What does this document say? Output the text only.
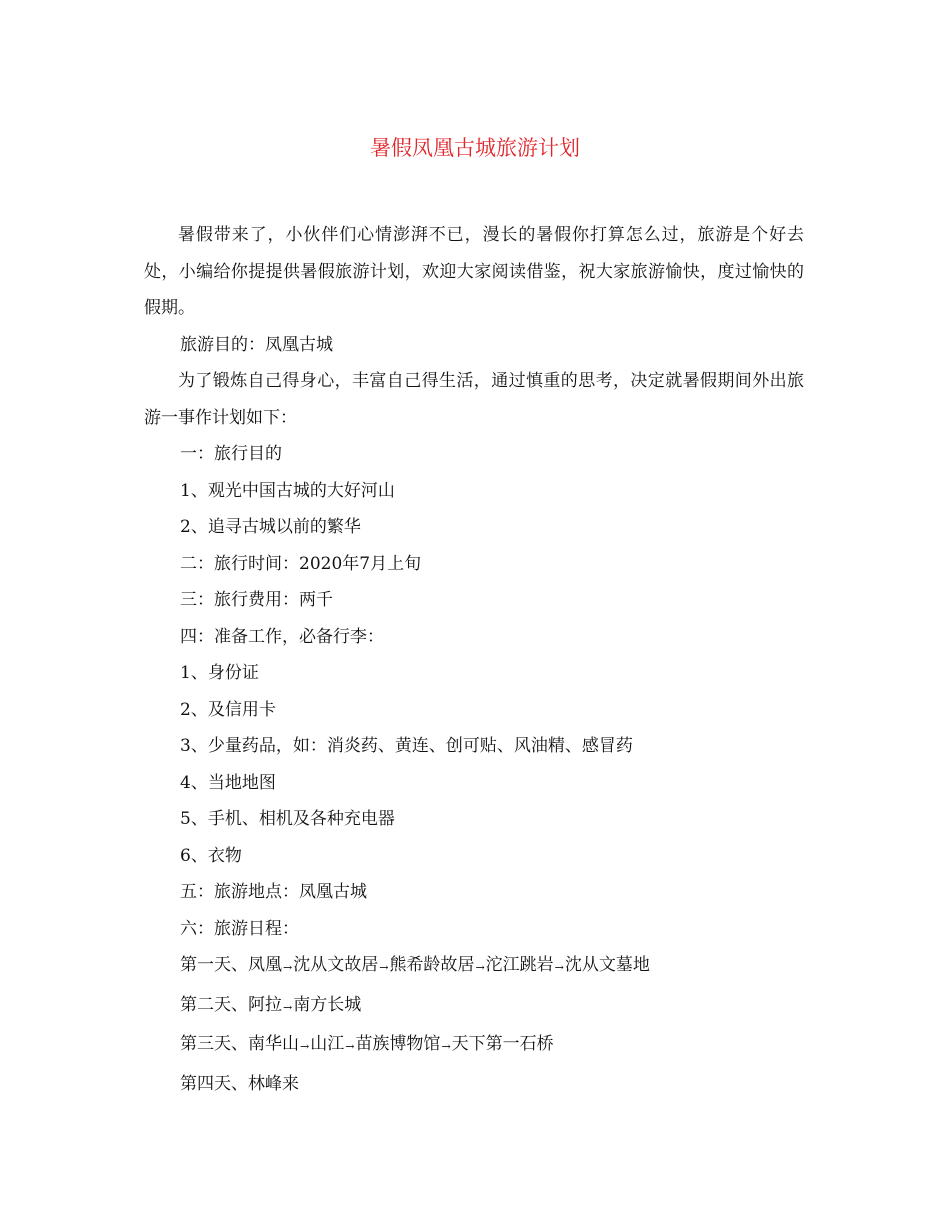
暑假凤凰古城旅游计划

暑假带来了，小伙伴们心情澎湃不已，漫长的暑假你打算怎么过，旅游是个好去处，小编给你提提供暑假旅游计划，欢迎大家阅读借鉴，祝大家旅游愉快，度过愉快的假期。

旅游目的：凤凰古城

为了锻炼自己得身心，丰富自己得生活，通过慎重的思考，决定就暑假期间外出旅游一事作计划如下：

一：旅行目的

1、观光中国古城的大好河山

2、追寻古城以前的繁华

二：旅行时间：2020年7月上旬

三：旅行费用：两千

四：准备工作，必备行李：

1、身份证

2、及信用卡

3、少量药品，如：消炎药、黄连、创可贴、风油精、感冒药

4、当地地图

5、手机、相机及各种充电器

6、衣物

五：旅游地点：凤凰古城

六：旅游日程：

第一天、凤凰→沈从文故居→熊希龄故居→沱江跳岩→沈从文墓地

第二天、阿拉→南方长城

第三天、南华山→山江→苗族博物馆→天下第一石桥

第四天、林峰来
